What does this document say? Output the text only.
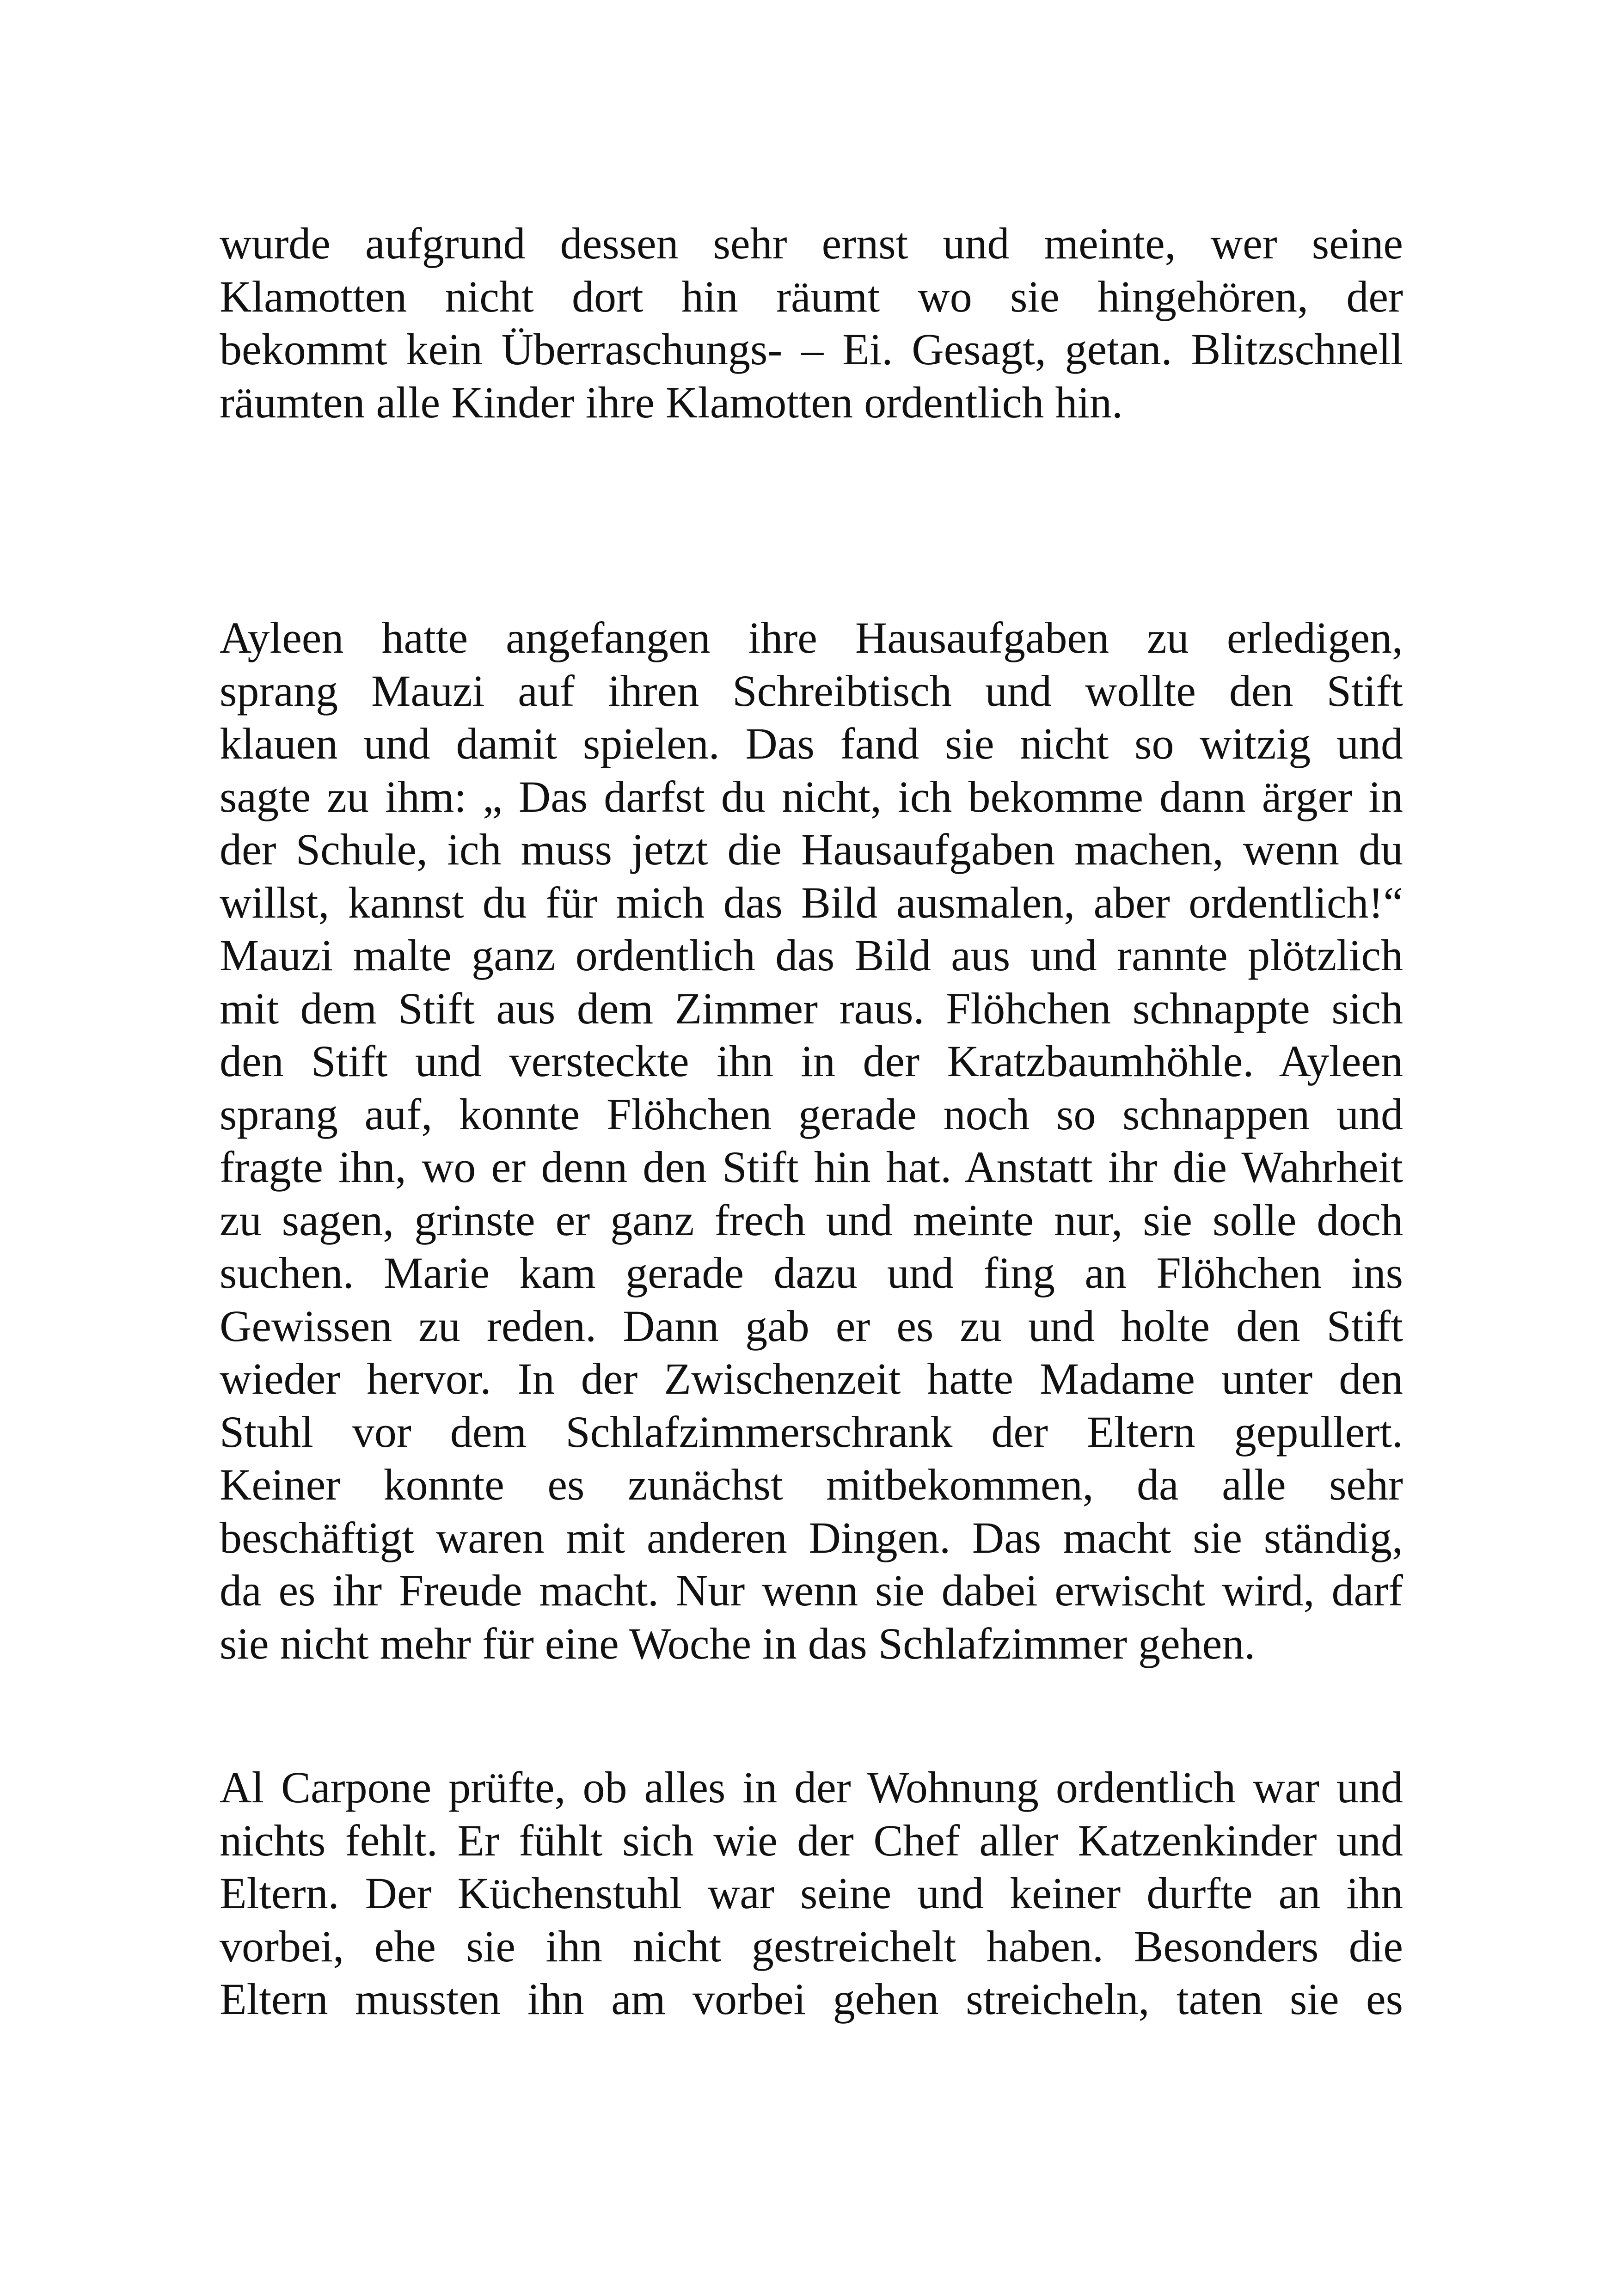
wurde aufgrund dessen sehr ernst und meinte, wer seine
Klamotten nicht dort hin räumt wo sie hingehören, der
bekommt kein Überraschungs- – Ei. Gesagt, getan. Blitzschnell
räumten alle Kinder ihre Klamotten ordentlich hin.
Ayleen hatte angefangen ihre Hausaufgaben zu erledigen,
sprang Mauzi auf ihren Schreibtisch und wollte den Stift
klauen und damit spielen. Das fand sie nicht so witzig und
sagte zu ihm: „ Das darfst du nicht, ich bekomme dann ärger in
der Schule, ich muss jetzt die Hausaufgaben machen, wenn du
willst, kannst du für mich das Bild ausmalen, aber ordentlich!“
Mauzi malte ganz ordentlich das Bild aus und rannte plötzlich
mit dem Stift aus dem Zimmer raus. Flöhchen schnappte sich
den Stift und versteckte ihn in der Kratzbaumhöhle. Ayleen
sprang auf, konnte Flöhchen gerade noch so schnappen und
fragte ihn, wo er denn den Stift hin hat. Anstatt ihr die Wahrheit
zu sagen, grinste er ganz frech und meinte nur, sie solle doch
suchen. Marie kam gerade dazu und fing an Flöhchen ins
Gewissen zu reden. Dann gab er es zu und holte den Stift
wieder hervor. In der Zwischenzeit hatte Madame unter den
Stuhl vor dem Schlafzimmerschrank der Eltern gepullert.
Keiner konnte es zunächst mitbekommen, da alle sehr
beschäftigt waren mit anderen Dingen. Das macht sie ständig,
da es ihr Freude macht. Nur wenn sie dabei erwischt wird, darf
sie nicht mehr für eine Woche in das Schlafzimmer gehen.
Al Carpone prüfte, ob alles in der Wohnung ordentlich war und
nichts fehlt. Er fühlt sich wie der Chef aller Katzenkinder und
Eltern. Der Küchenstuhl war seine und keiner durfte an ihn
vorbei, ehe sie ihn nicht gestreichelt haben. Besonders die
Eltern mussten ihn am vorbei gehen streicheln, taten sie es
